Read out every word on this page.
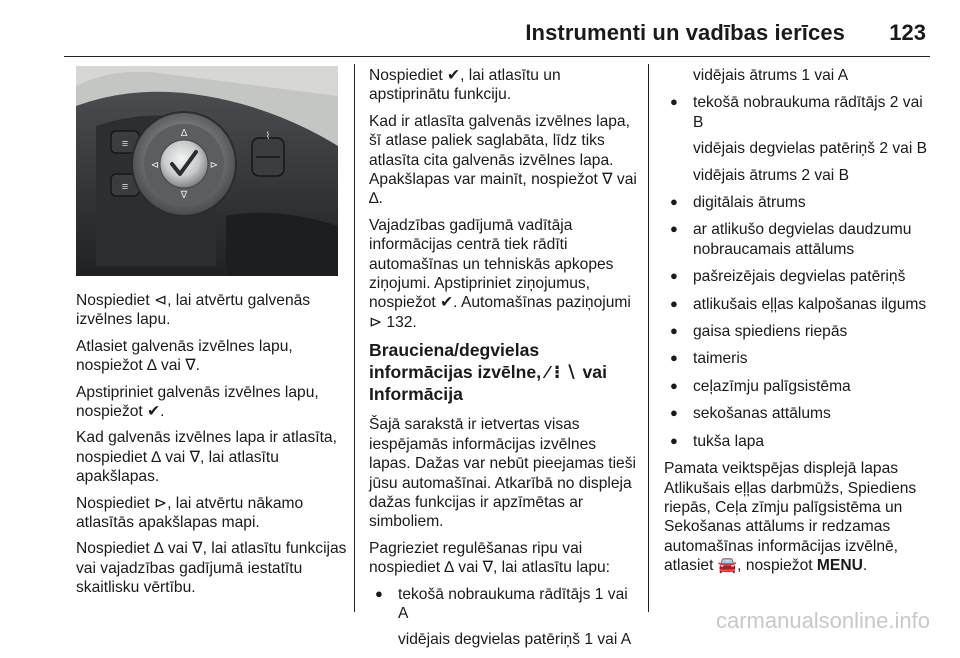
Instrumenti un vadības ierīces 123
≡
≡
∆
∇
⊲	⊳
⌇

Nospiediet ⊲, lai atvērtu galvenās izvēlnes lapu.

Atlasiet galvenās izvēlnes lapu, nospiežot ∆ vai ∇.

Apstipriniet galvenās izvēlnes lapu, nospiežot ✔.

Kad galvenās izvēlnes lapa ir atlasīta, nospiediet ∆ vai ∇, lai atlasītu apakšlapas.

Nospiediet ⊳, lai atvērtu nākamo atlasītās apakšlapas mapi.

Nospiediet ∆ vai ∇, lai atlasītu funkcijas vai vajadzības gadījumā iestatītu skaitlisku vērtību.

Nospiediet ✔, lai atlasītu un apstiprinātu funkciju.

Kad ir atlasīta galvenās izvēlnes lapa, šī atlase paliek saglabāta, līdz tiks atlasīta cita galvenās izvēlnes lapa. Apakšlapas var mainīt, nospiežot ∇ vai ∆.

Vajadzības gadījumā vadītāja informācijas centrā tiek rādīti automašīnas un tehniskās apkopes ziņojumi. Apstipriniet ziņojumus, nospiežot ✔. Automašīnas paziņojumi ⊳ 132.

Brauciena/degvielas informācijas izvēlne, ⁄ ⁝ ∖ vai Informācija

Šajā sarakstā ir ietvertas visas iespējamās informācijas izvēlnes lapas. Dažas var nebūt pieejamas tieši jūsu automašīnai. Atkarībā no displeja dažas funkcijas ir apzīmētas ar simboliem.

Pagrieziet regulēšanas ripu vai nospiediet ∆ vai ∇, lai atlasītu lapu:

● tekošā nobraukuma rādītājs 1 vai A
vidējais degvielas patēriņš 1 vai A
vidējais ātrums 1 vai A
● tekošā nobraukuma rādītājs 2 vai B
vidējais degvielas patēriņš 2 vai B
vidējais ātrums 2 vai B
● digitālais ātrums
● ar atlikušo degvielas daudzumu nobraucamais attālums
● pašreizējais degvielas patēriņš
● atlikušais eļļas kalpošanas ilgums
● gaisa spiediens riepās
● taimeris
● ceļazīmju palīgsistēma
● sekošanas attālums
● tukša lapa

Pamata veiktspējas displejā lapas Atlikušais eļļas darbmūžs, Spiediens riepās, Ceļa zīmju palīgsistēma un Sekošanas attālums ir redzamas automašīnas informācijas izvēlnē, atlasiet 🚘, nospiežot MENU.

carmanualsonline.info
